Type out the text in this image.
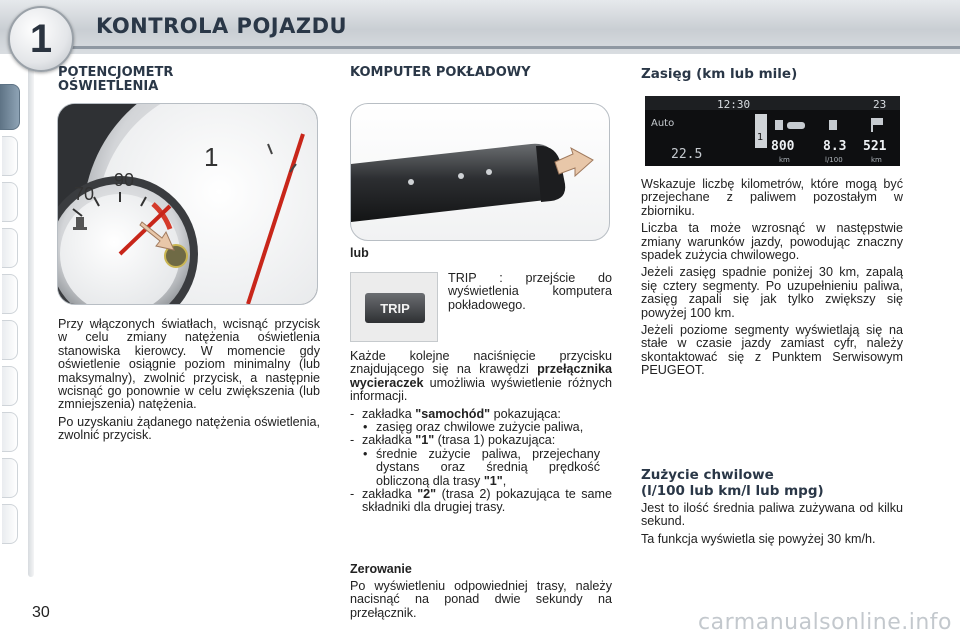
1 KONTROLA POJAZDU
POTENCJOMETR
OŚWIETLENIA
90
70
1

Przy włączonych światłach, wcisnąć przycisk w celu zmiany natężenia oświetlenia stanowiska kierowcy. W momencie gdy oświetlenie osiągnie poziom minimalny (lub maksymalny), zwolnić przycisk, a następnie wcisnąć go ponownie w celu zwiększenia (lub zmniejszenia) natężenia.

Po uzyskaniu żądanego natężenia oświetlenia, zwolnić przycisk.

KOMPUTER POKŁADOWY
lub
TRIP
TRIP : przejście do wyświetlenia komputera pokładowego.

Każde kolejne naciśnięcie przycisku znajdującego się na krawędzi przełącznika wycieraczek umożliwia wyświetlenie różnych informacji.

- zakładka "samochód" pokazująca:
• zasięg oraz chwilowe zużycie paliwa,
- zakładka "1" (trasa 1) pokazująca:
• średnie zużycie paliwa, przejechany dystans oraz średnią prędkość obliczoną dla trasy "1",
- zakładka "2" (trasa 2) pokazująca te same składniki dla drugiej trasy.
Zerowanie
Po wyświetleniu odpowiedniej trasy, należy nacisnąć na ponad dwie sekundy na przełącznik.
Zasięg (km lub mile)
12:30	23
Auto
22.5
1
800
km
8.3
l/100
521
km

Wskazuje liczbę kilometrów, które mogą być przejechane z paliwem pozostałym w zbiorniku.

Liczba ta może wzrosnąć w następstwie zmiany warunków jazdy, powodując znaczny spadek zużycia chwilowego.

Jeżeli zasięg spadnie poniżej 30 km, zapalą się cztery segmenty. Po uzupełnieniu paliwa, zasięg zapali się jak tylko zwiększy się powyżej 100 km.

Jeżeli poziome segmenty wyświetlają się na stałe w czasie jazdy zamiast cyfr, należy skontaktować się z Punktem Serwisowym PEUGEOT.

Zużycie chwilowe
(l/100 lub km/l lub mpg)

Jest to ilość średnia paliwa zużywana od kilku sekund.

Ta funkcja wyświetla się powyżej 30 km/h.

30	carmanualsonline.info
